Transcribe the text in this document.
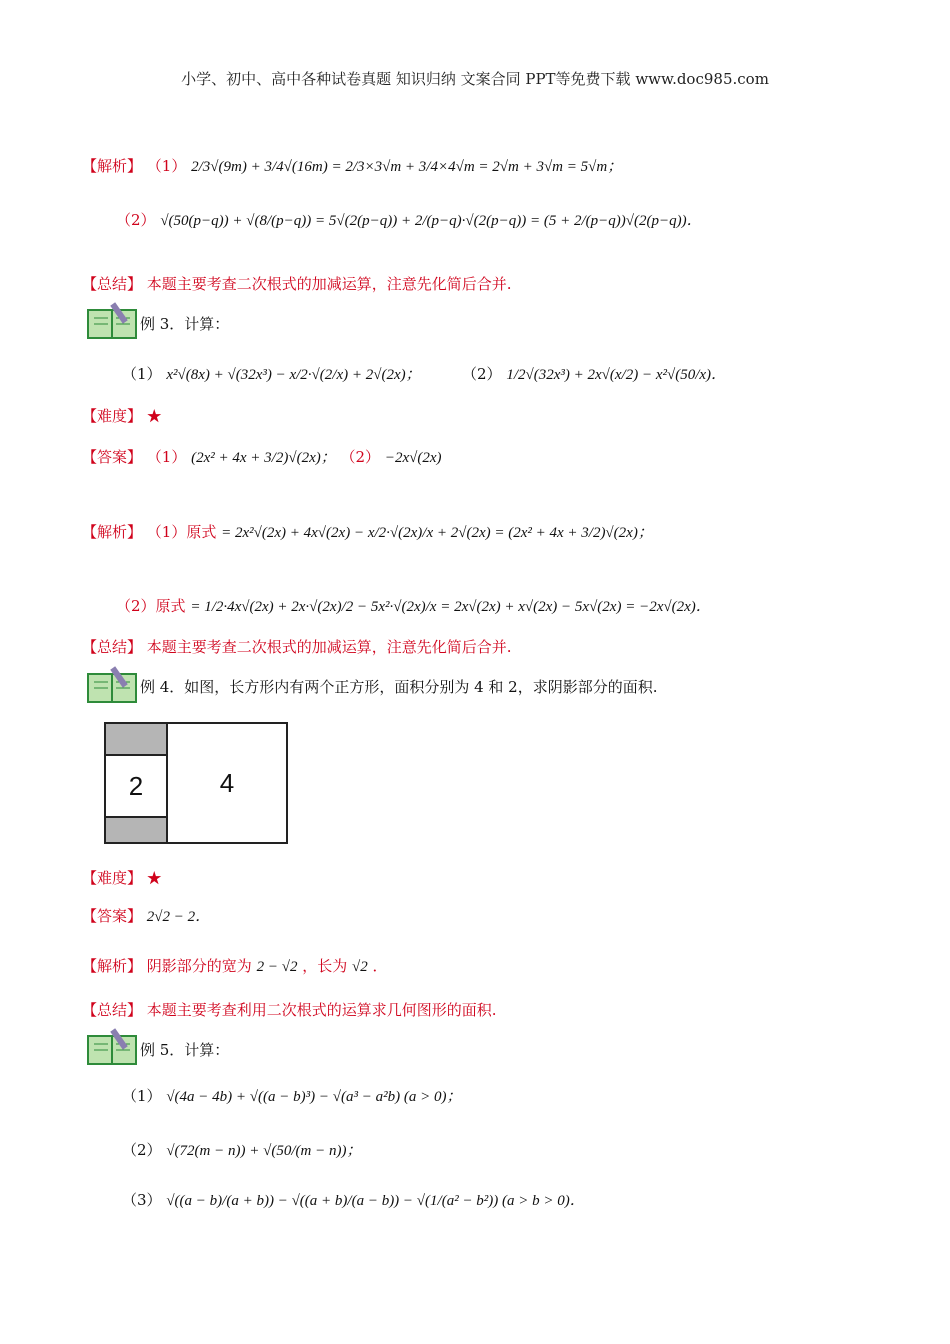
小学、初中、高中各种试卷真题 知识归纳 文案合同 PPT等免费下载 www.doc985.com
【解析】 （1） 2/3√(9m) + 3/4√(16m) = 2/3×3√m + 3/4×4√m = 2√m + 3√m = 5√m；
（2） √(50(p−q)) + √(8/(p−q)) = 5√(2(p−q)) + 2/(p−q)·√(2(p−q)) = (5 + 2/(p−q))√(2(p−q))．
【总结】 本题主要考查二次根式的加减运算，注意先化简后合并.
例 3．计算：
（1） x²√(8x) + √(32x³) − x/2·√(2/x) + 2√(2x)；	（2） 1/2√(32x³) + 2x√(x/2) − x²√(50/x)．
【难度】 ★
【答案】 （1） (2x² + 4x + 3/2)√(2x)； （2） −2x√(2x)
【解析】 （1）原式 = 2x²√(2x) + 4x√(2x) − x/2·√(2x)/x + 2√(2x) = (2x² + 4x + 3/2)√(2x)；
（2）原式 = 1/2·4x√(2x) + 2x·√(2x)/2 − 5x²·√(2x)/x = 2x√(2x) + x√(2x) − 5x√(2x) = −2x√(2x)．
【总结】 本题主要考查二次根式的加减运算，注意先化简后合并.
例 4．如图，长方形内有两个正方形，面积分别为 4 和 2，求阴影部分的面积.
2	4
【难度】 ★
【答案】 2√2 − 2．
【解析】 阴影部分的宽为 2 − √2 ，长为 √2 ．
【总结】 本题主要考查利用二次根式的运算求几何图形的面积.
例 5．计算：
（1） √(4a − 4b) + √((a − b)³) − √(a³ − a²b) (a > 0)；
（2） √(72(m − n)) + √(50/(m − n))；
（3） √((a − b)/(a + b)) − √((a + b)/(a − b)) − √(1/(a² − b²)) (a > b > 0)．
